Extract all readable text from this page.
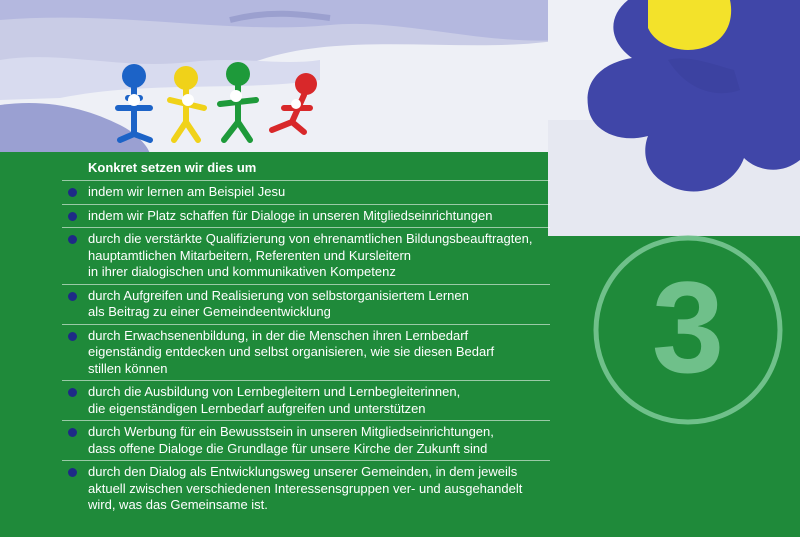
3
Konkret setzen wir dies um
indem wir lernen am Beispiel Jesu
indem wir Platz schaffen für Dialoge in unseren Mitgliedseinrichtungen
durch die verstärkte Qualifizierung von ehrenamtlichen Bildungsbeauftragten,
hauptamtlichen Mitarbeitern, Referenten und Kursleitern
in ihrer dialogischen und kommunikativen Kompetenz
durch Aufgreifen und Realisierung von selbstorganisiertem Lernen
als Beitrag zu einer Gemeindeentwicklung
durch Erwachsenenbildung, in der die Menschen ihren Lernbedarf
eigenständig entdecken und selbst organisieren, wie sie diesen Bedarf
stillen können
durch die Ausbildung von Lernbegleitern und Lernbegleiterinnen,
die eigenständigen Lernbedarf aufgreifen und unterstützen
durch Werbung für ein Bewusstsein in unseren Mitgliedseinrichtungen,
dass offene Dialoge die Grundlage für unsere Kirche der Zukunft sind
durch den Dialog als Entwicklungsweg unserer Gemeinden, in dem jeweils
aktuell zwischen verschiedenen Interessensgruppen ver- und ausgehandelt
wird, was das Gemeinsame ist.
